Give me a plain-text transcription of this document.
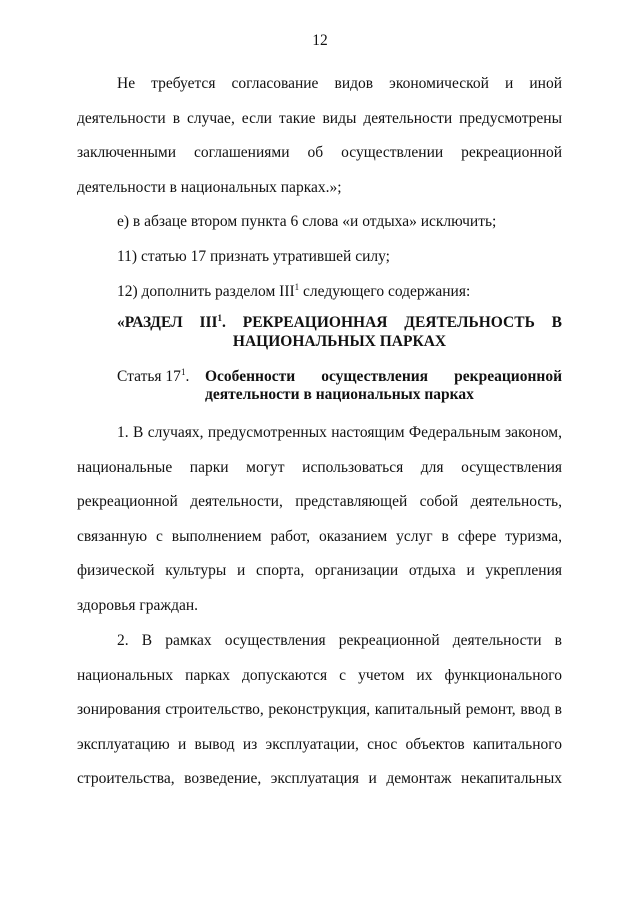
12
Не требуется согласование видов экономической и иной
деятельности в случае, если такие виды деятельности предусмотрены
заключенными соглашениями об осуществлении рекреационной
деятельности в национальных парках.»;
е) в абзаце втором пункта 6 слова «и отдыха» исключить;
11) статью 17 признать утратившей силу;
12) дополнить разделом III$^1$ следующего содержания:
«РАЗДЕЛ III$^1$. РЕКРЕАЦИОННАЯ ДЕЯТЕЛЬНОСТЬ В
НАЦИОНАЛЬНЫХ ПАРКАХ
Статья $17^1$. Особенности осуществления рекреационной
деятельности в национальных парках
1. В случаях, предусмотренных настоящим Федеральным законом,
национальные парки могут использоваться для осуществления
рекреационной деятельности, представляющей собой деятельность,
связанную с выполнением работ, оказанием услуг в сфере туризма,
физической культуры и спорта, организации отдыха и укрепления
здоровья граждан.
2. В рамках осуществления рекреационной деятельности в
национальных парках допускаются с учетом их функционального
зонирования строительство, реконструкция, капитальный ремонт, ввод в
эксплуатацию и вывод из эксплуатации, снос объектов капитального
строительства, возведение, эксплуатация и демонтаж некапитальных
